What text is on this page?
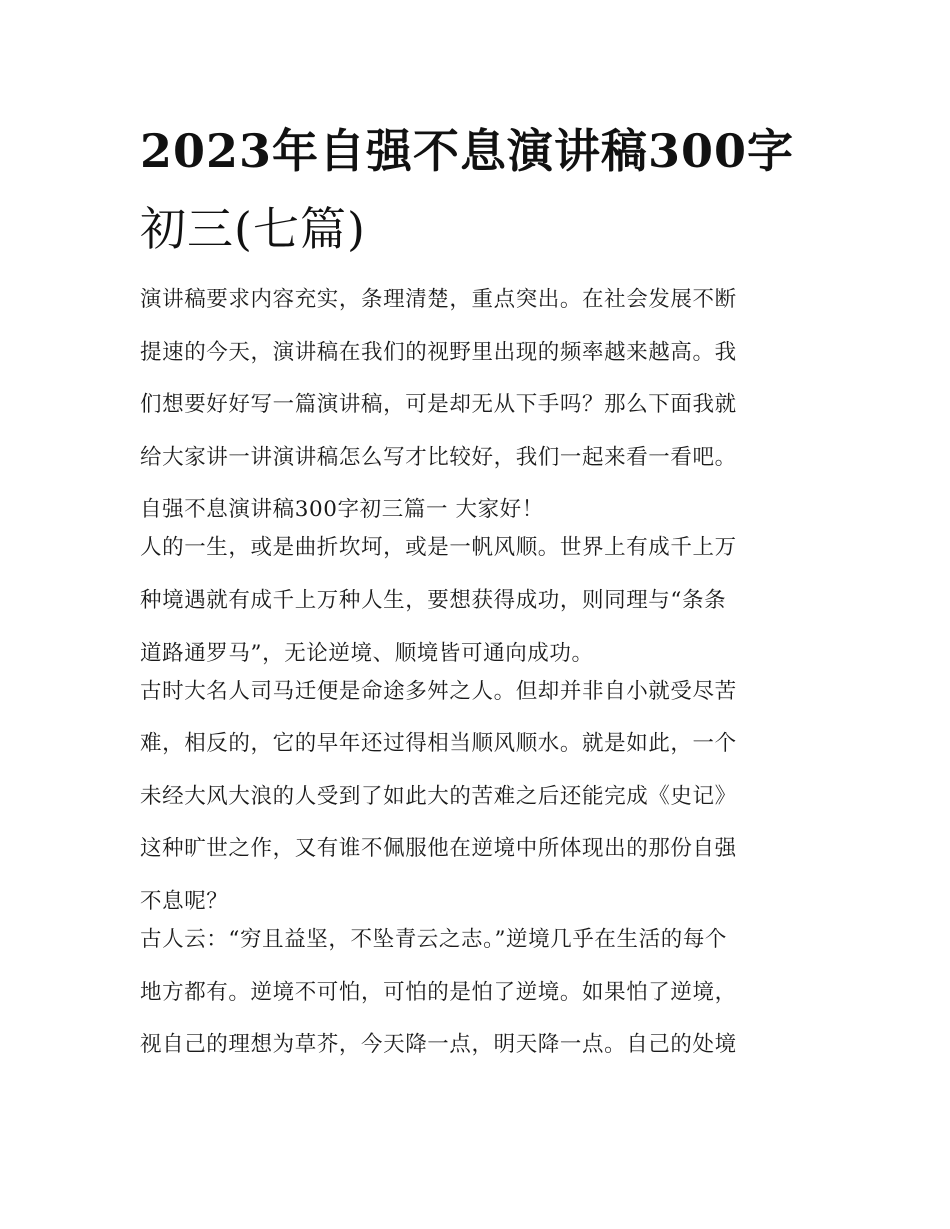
2023年自强不息演讲稿300字
初三(七篇)
演讲稿要求内容充实，条理清楚，重点突出。在社会发展不断
提速的今天，演讲稿在我们的视野里出现的频率越来越高。我
们想要好好写一篇演讲稿，可是却无从下手吗？那么下面我就
给大家讲一讲演讲稿怎么写才比较好，我们一起来看一看吧。
自强不息演讲稿300字初三篇一 大家好！
人的一生，或是曲折坎坷，或是一帆风顺。世界上有成千上万
种境遇就有成千上万种人生，要想获得成功，则同理与“条条
道路通罗马”，无论逆境、顺境皆可通向成功。
古时大名人司马迁便是命途多舛之人。但却并非自小就受尽苦
难，相反的，它的早年还过得相当顺风顺水。就是如此，一个
未经大风大浪的人受到了如此大的苦难之后还能完成《史记》
这种旷世之作，又有谁不佩服他在逆境中所体现出的那份自强
不息呢？
古人云：“穷且益坚，不坠青云之志。”逆境几乎在生活的每个
地方都有。逆境不可怕，可怕的是怕了逆境。如果怕了逆境，
视自己的理想为草芥，今天降一点，明天降一点。自己的处境
